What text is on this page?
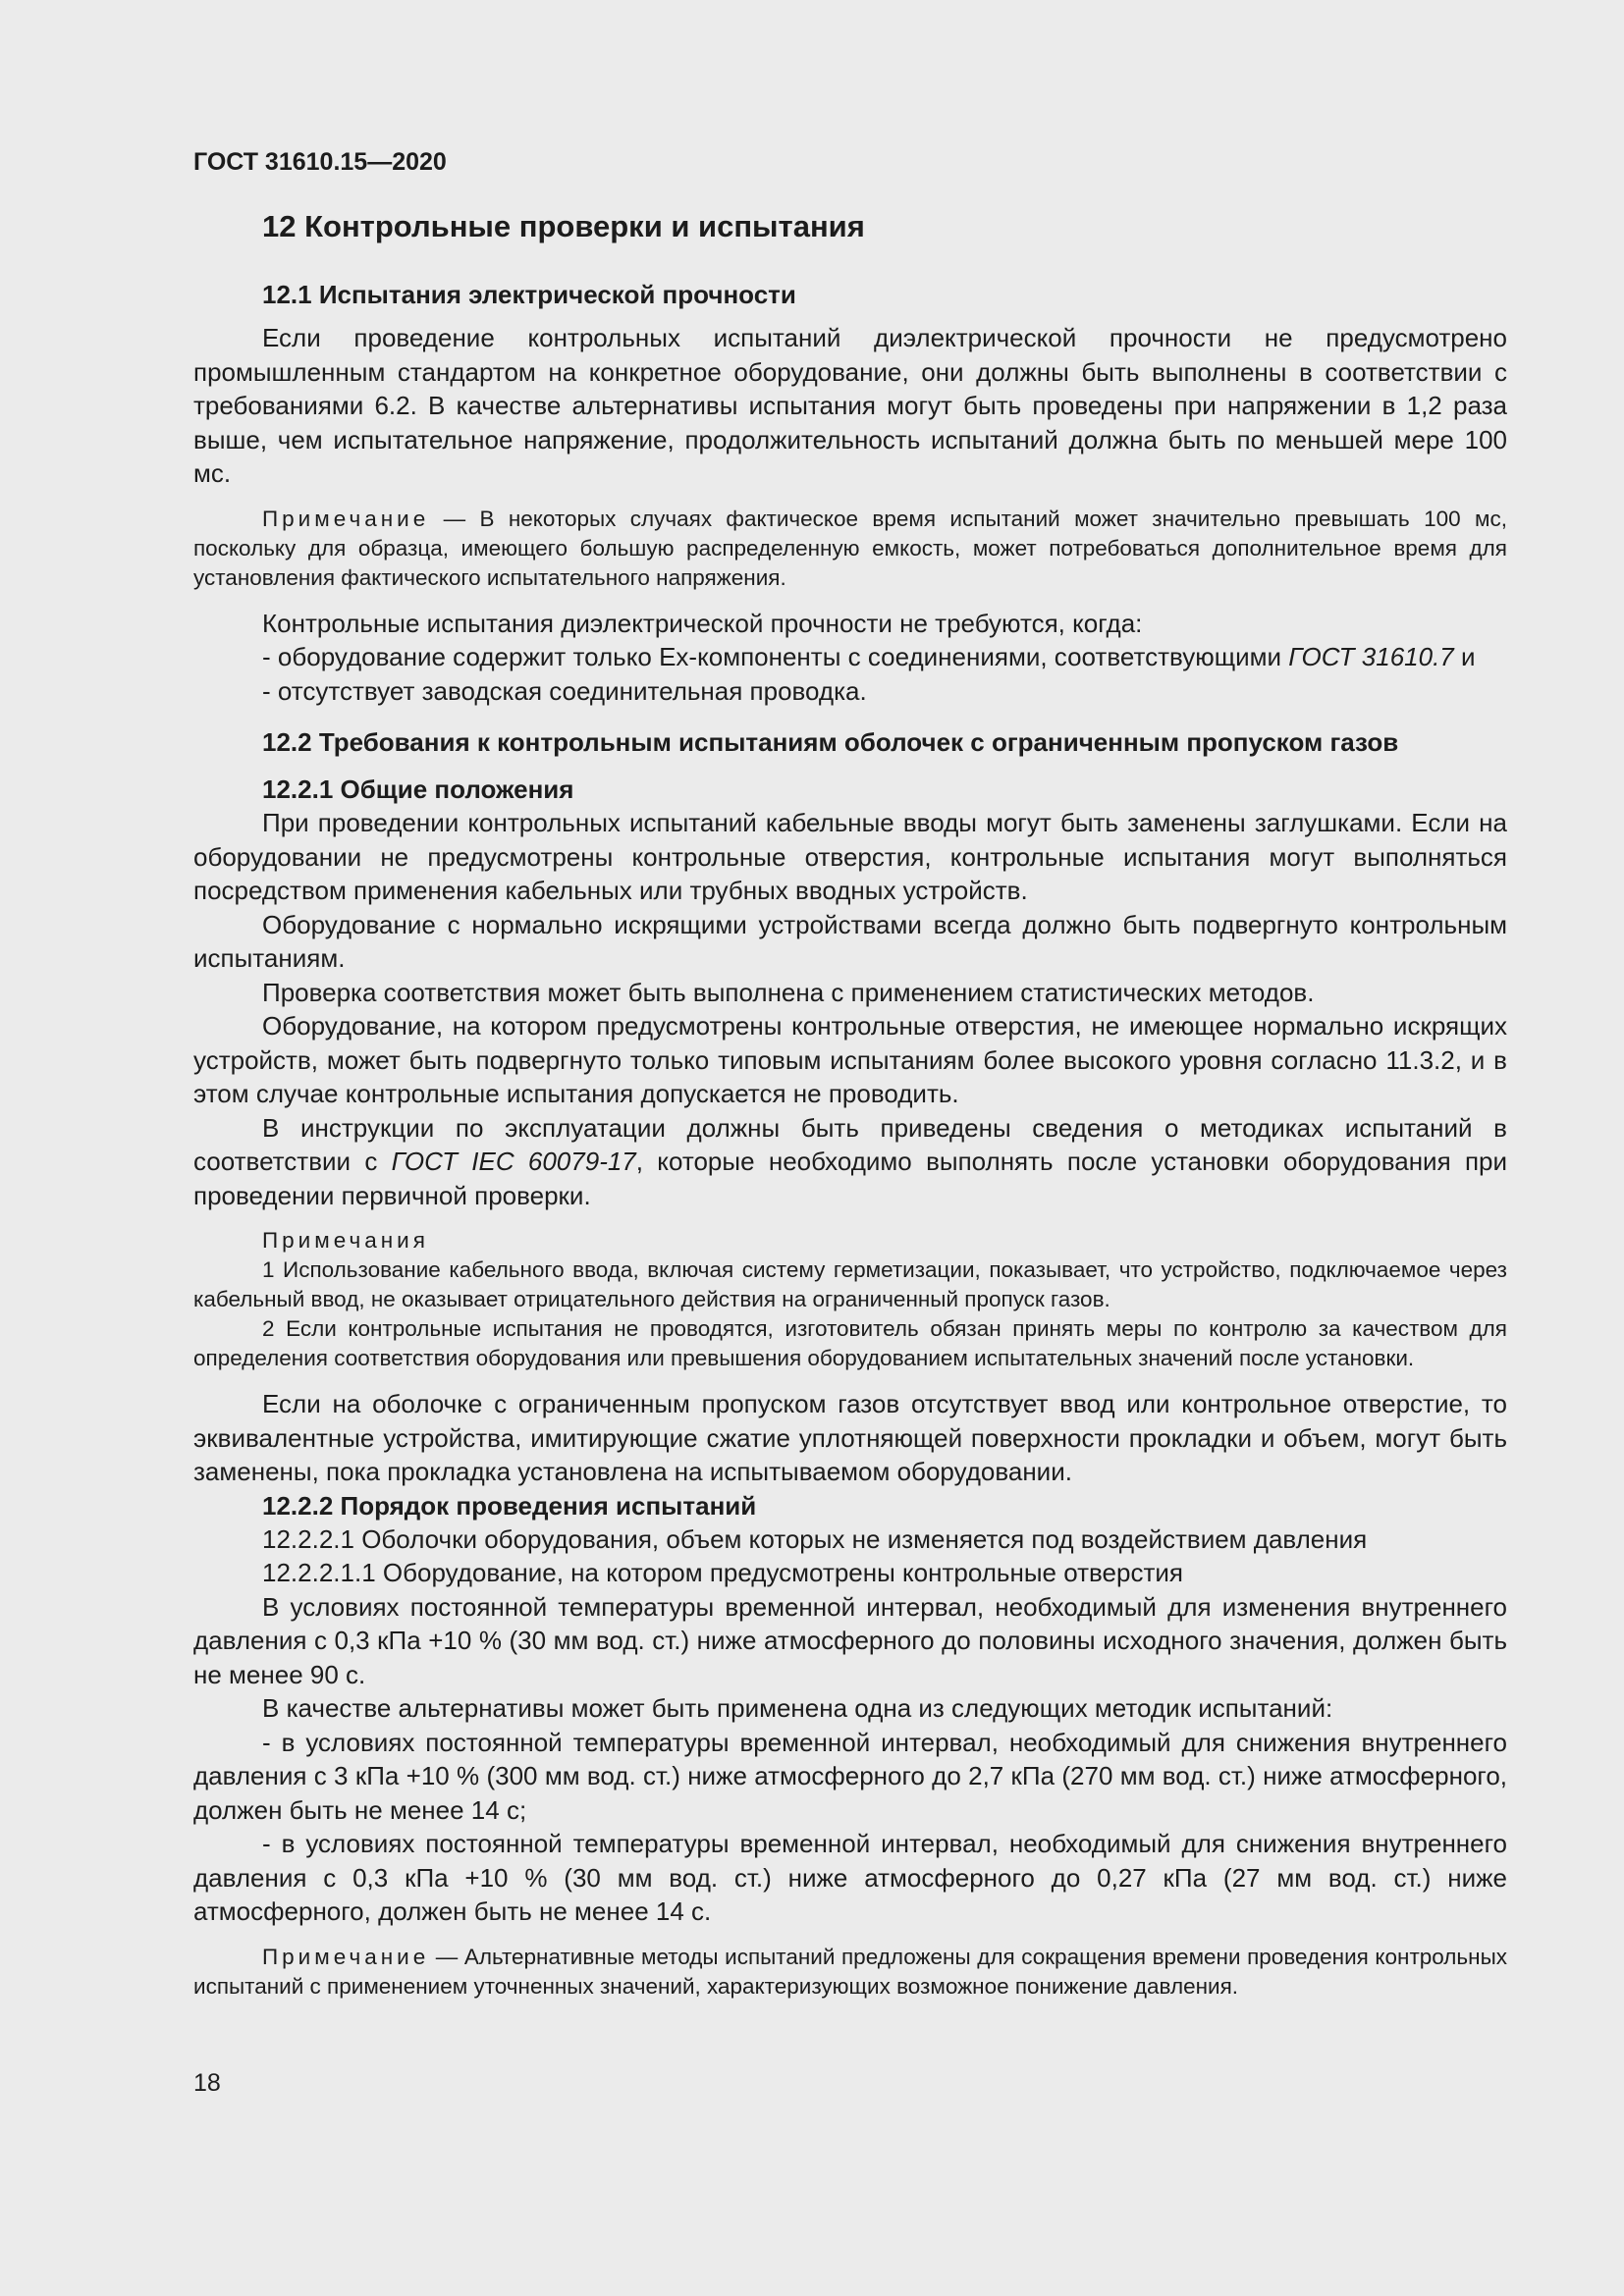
ГОСТ 31610.15—2020
12 Контрольные проверки и испытания
12.1 Испытания электрической прочности

Если проведение контрольных испытаний диэлектрической прочности не предусмотрено промышленным стандартом на конкретное оборудование, они должны быть выполнены в соответствии с требованиями 6.2. В качестве альтернативы испытания могут быть проведены при напряжении в 1,2 раза выше, чем испытательное напряжение, продолжительность испытаний должна быть по меньшей мере 100 мс.

Примечание — В некоторых случаях фактическое время испытаний может значительно превышать 100 мс, поскольку для образца, имеющего большую распределенную емкость, может потребоваться дополнительное время для установления фактического испытательного напряжения.

Контрольные испытания диэлектрической прочности не требуются, когда:

- оборудование содержит только Ex-компоненты с соединениями, соответствующими ГОСТ 31610.7 и

- отсутствует заводская соединительная проводка.

12.2 Требования к контрольным испытаниям оболочек с ограниченным пропуском газов
12.2.1 Общие положения

При проведении контрольных испытаний кабельные вводы могут быть заменены заглушками. Если на оборудовании не предусмотрены контрольные отверстия, контрольные испытания могут выполняться посредством применения кабельных или трубных вводных устройств.

Оборудование с нормально искрящими устройствами всегда должно быть подвергнуто контрольным испытаниям.

Проверка соответствия может быть выполнена с применением статистических методов.

Оборудование, на котором предусмотрены контрольные отверстия, не имеющее нормально искрящих устройств, может быть подвергнуто только типовым испытаниям более высокого уровня согласно 11.3.2, и в этом случае контрольные испытания допускается не проводить.

В инструкции по эксплуатации должны быть приведены сведения о методиках испытаний в соответствии с ГОСТ IEC 60079-17, которые необходимо выполнять после установки оборудования при проведении первичной проверки.

Примечания

1 Использование кабельного ввода, включая систему герметизации, показывает, что устройство, подключаемое через кабельный ввод, не оказывает отрицательного действия на ограниченный пропуск газов.

2 Если контрольные испытания не проводятся, изготовитель обязан принять меры по контролю за качеством для определения соответствия оборудования или превышения оборудованием испытательных значений после установки.

Если на оболочке с ограниченным пропуском газов отсутствует ввод или контрольное отверстие, то эквивалентные устройства, имитирующие сжатие уплотняющей поверхности прокладки и объем, могут быть заменены, пока прокладка установлена на испытываемом оборудовании.

12.2.2 Порядок проведения испытаний

12.2.2.1 Оболочки оборудования, объем которых не изменяется под воздействием давления

12.2.2.1.1 Оборудование, на котором предусмотрены контрольные отверстия

В условиях постоянной температуры временной интервал, необходимый для изменения внутреннего давления с 0,3 кПа +10 % (30 мм вод. ст.) ниже атмосферного до половины исходного значения, должен быть не менее 90 с.

В качестве альтернативы может быть применена одна из следующих методик испытаний:

- в условиях постоянной температуры временной интервал, необходимый для снижения внутреннего давления с 3 кПа +10 % (300 мм вод. ст.) ниже атмосферного до 2,7 кПа (270 мм вод. ст.) ниже атмосферного, должен быть не менее 14 с;

- в условиях постоянной температуры временной интервал, необходимый для снижения внутреннего давления с 0,3 кПа +10 % (30 мм вод. ст.) ниже атмосферного до 0,27 кПа (27 мм вод. ст.) ниже атмосферного, должен быть не менее 14 с.

Примечание — Альтернативные методы испытаний предложены для сокращения времени проведения контрольных испытаний с применением уточненных значений, характеризующих возможное понижение давления.

18
